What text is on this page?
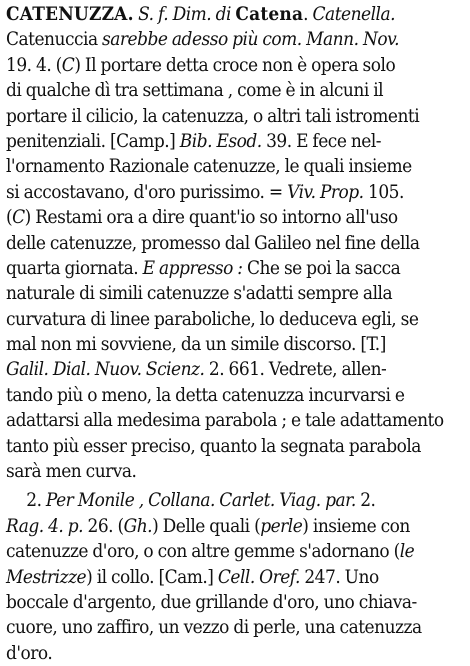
CATENUZZA. S. f. Dim. di Catena. Catenella.
Catenuccia sarebbe adesso più com. Mann. Nov.
19. 4. (C) Il portare detta croce non è opera solo
di qualche dì tra settimana , come è in alcuni il
portare il cilicio, la catenuzza, o altri tali istromenti
penitenziali. [Camp.] Bib. Esod. 39. E fece nel-
l'ornamento Razionale catenuzze, le quali insieme
si accostavano, d'oro purissimo. = Viv. Prop. 105.
(C) Restami ora a dire quant'io so intorno all'uso
delle catenuzze, promesso dal Galileo nel fine della
quarta giornata. E appresso : Che se poi la sacca
naturale di simili catenuzze s'adatti sempre alla
curvatura di linee paraboliche, lo deduceva egli, se
mal non mi sovviene, da un simile discorso. [T.]
Galil. Dial. Nuov. Scienz. 2. 661. Vedrete, allen-
tando più o meno, la detta catenuzza incurvarsi e
adattarsi alla medesima parabola ; e tale adattamento
tanto più esser preciso, quanto la segnata parabola
sarà men curva.
2. Per Monile , Collana. Carlet. Viag. par. 2.
Rag. 4. p. 26. (Gh.) Delle quali (perle) insieme con
catenuzze d'oro, o con altre gemme s'adornano (le
Mestrizze) il collo. [Cam.] Cell. Oref. 247. Uno
boccale d'argento, due grillande d'oro, uno chiava-
cuore, uno zaffiro, un vezzo di perle, una catenuzza
d'oro.
